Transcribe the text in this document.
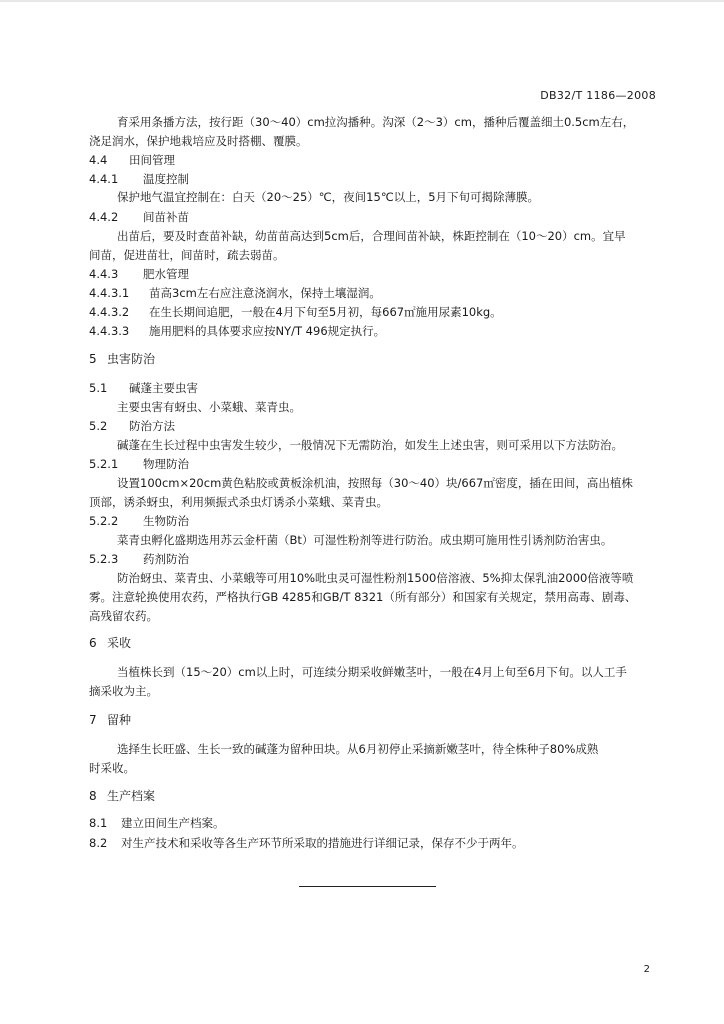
DB32/T 1186—2008
育采用条播方法，按行距（30～40）cm拉沟播种。沟深（2～3）cm，播种后覆盖细土0.5cm左右，
浇足润水，保护地栽培应及时搭棚、覆膜。
4.4 田间管理
4.4.1 温度控制
保护地气温宜控制在：白天（20～25）℃，夜间15℃以上，5月下旬可揭除薄膜。
4.4.2 间苗补苗
出苗后，要及时查苗补缺，幼苗苗高达到5cm后，合理间苗补缺，株距控制在（10～20）cm。宜早
间苗，促进苗壮，间苗时，疏去弱苗。
4.4.3 肥水管理
4.4.3.1 苗高3cm左右应注意浇润水，保持土壤湿润。
4.4.3.2 在生长期间追肥，一般在4月下旬至5月初，每667㎡施用尿素10kg。
4.4.3.3 施用肥料的具体要求应按NY/T 496规定执行。
5 虫害防治
5.1 碱蓬主要虫害
主要虫害有蚜虫、小菜蛾、菜青虫。
5.2 防治方法
碱蓬在生长过程中虫害发生较少，一般情况下无需防治，如发生上述虫害，则可采用以下方法防治。
5.2.1 物理防治
设置100cm×20cm黄色粘胶或黄板涂机油，按照每（30～40）块/667㎡密度，插在田间，高出植株
顶部，诱杀蚜虫，利用频振式杀虫灯诱杀小菜蛾、菜青虫。
5.2.2 生物防治
菜青虫孵化盛期选用苏云金杆菌（Bt）可湿性粉剂等进行防治。成虫期可施用性引诱剂防治害虫。
5.2.3 药剂防治
防治蚜虫、菜青虫、小菜蛾等可用10%吡虫灵可湿性粉剂1500倍溶液、5%抑太保乳油2000倍液等喷
雾。注意轮换使用农药，严格执行GB 4285和GB/T 8321（所有部分）和国家有关规定，禁用高毒、剧毒、
高残留农药。
6 采收
当植株长到（15～20）cm以上时，可连续分期采收鲜嫩茎叶，一般在4月上旬至6月下旬。以人工手
摘采收为主。
7 留种
选择生长旺盛、生长一致的碱蓬为留种田块。从6月初停止采摘新嫩茎叶，待全株种子80%成熟
时采收。
8 生产档案
8.1 建立田间生产档案。
8.2 对生产技术和采收等各生产环节所采取的措施进行详细记录，保存不少于两年。
2
